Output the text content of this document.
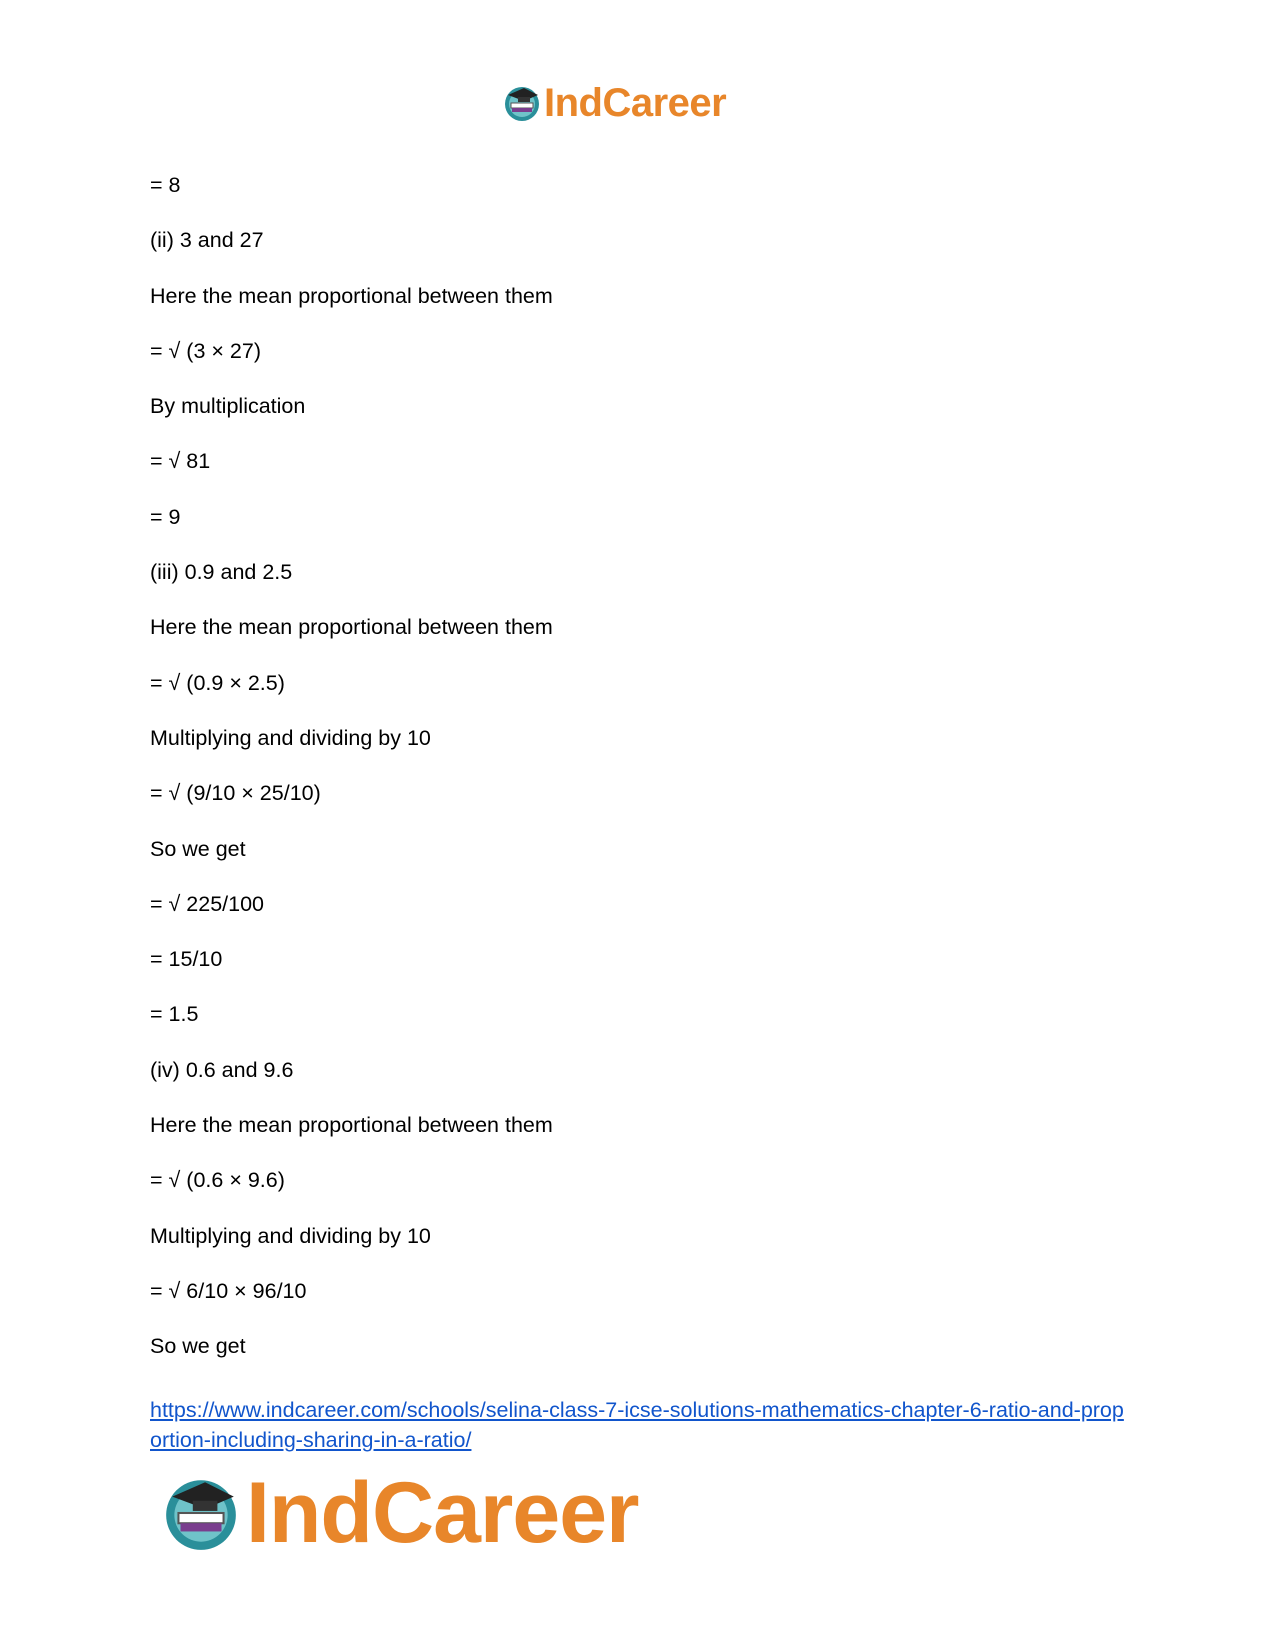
IndCareer
= 8
(ii) 3 and 27
Here the mean proportional between them
= √ (3 × 27)
By multiplication
= √ 81
= 9
(iii) 0.9 and 2.5
Here the mean proportional between them
= √ (0.9 × 2.5)
Multiplying and dividing by 10
= √ (9/10 × 25/10)
So we get
= √ 225/100
= 15/10
= 1.5
(iv) 0.6 and 9.6
Here the mean proportional between them
= √ (0.6 × 9.6)
Multiplying and dividing by 10
= √ 6/10 × 96/10
So we get
https://www.indcareer.com/schools/selina-class-7-icse-solutions-mathematics-chapter-6-ratio-and-proportion-including-sharing-in-a-ratio/
IndCareer
